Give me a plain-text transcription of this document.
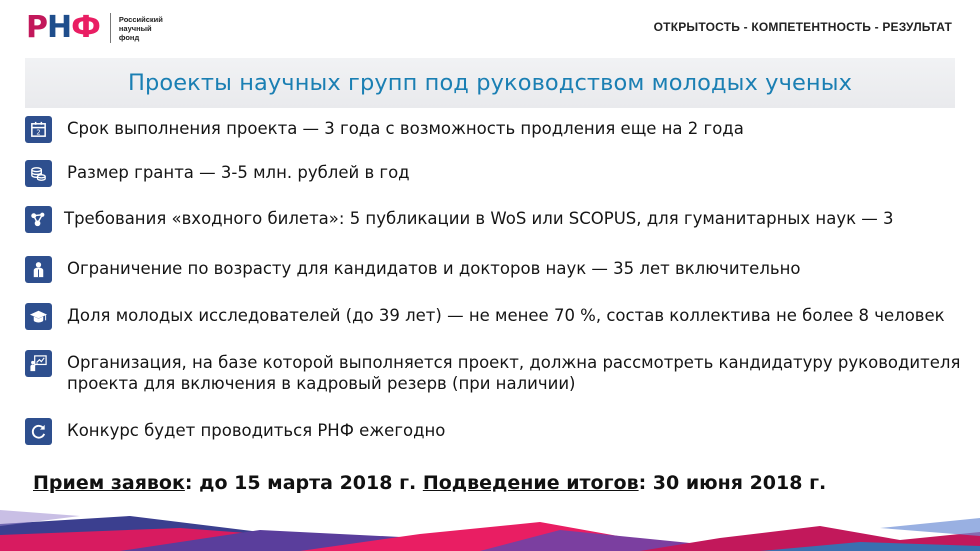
РНФ	Российский
научный
фонд
ОТКРЫТОСТЬ - КОМПЕТЕНТНОСТЬ - РЕЗУЛЬТАТ
Проекты научных групп под руководством молодых ученых
2 Срок выполнения проекта — 3 года с возможность продления еще на 2 года
Размер гранта — 3-5 млн. рублей в год
Требования «входного билета»: 5 публикации в WoS или SCOPUS, для гуманитарных наук — 3
Ограничение по возрасту для кандидатов и докторов наук — 35 лет включительно
Доля молодых исследователей (до 39 лет) — не менее 70 %, состав коллектива не более 8 человек
Организация, на базе которой выполняется проект, должна рассмотреть кандидатуру руководителя проекта для включения в кадровый резерв (при наличии)
Конкурс будет проводиться РНФ ежегодно
Прием заявок: до 15 марта 2018 г. Подведение итогов: 30 июня 2018 г.
